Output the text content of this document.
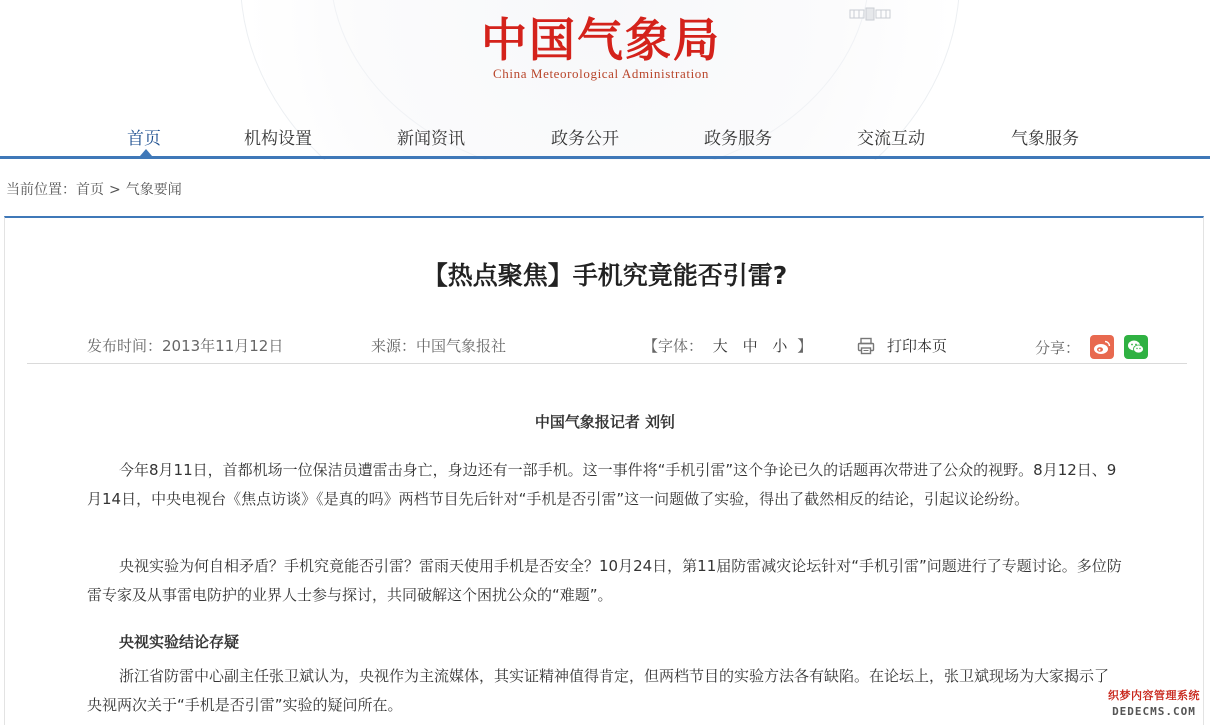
中国气象局
China Meteorological Administration
首页	机构设置	新闻资讯	政务公开	政务服务	交流互动	气象服务
当前位置：首页 > 气象要闻
【热点聚焦】手机究竟能否引雷?
发布时间：2013年11月12日	来源：中国气象报社	【字体： 大 中 小 】	打印本页	分享：
中国气象报记者 刘钊

今年8月11日，首都机场一位保洁员遭雷击身亡，身边还有一部手机。这一事件将“手机引雷”这个争论已久的话题再次带进了公众的视野。8月12日、9月14日，中央电视台《焦点访谈》《是真的吗》两档节目先后针对“手机是否引雷”这一问题做了实验，得出了截然相反的结论，引起议论纷纷。

央视实验为何自相矛盾？手机究竟能否引雷？雷雨天使用手机是否安全？10月24日，第11届防雷减灾论坛针对“手机引雷”问题进行了专题讨论。多位防雷专家及从事雷电防护的业界人士参与探讨，共同破解这个困扰公众的“难题”。

央视实验结论存疑

浙江省防雷中心副主任张卫斌认为，央视作为主流媒体，其实证精神值得肯定，但两档节目的实验方法各有缺陷。在论坛上，张卫斌现场为大家揭示了央视两次关于“手机是否引雷”实验的疑问所在。

织梦内容管理系统
DEDECMS.COM
